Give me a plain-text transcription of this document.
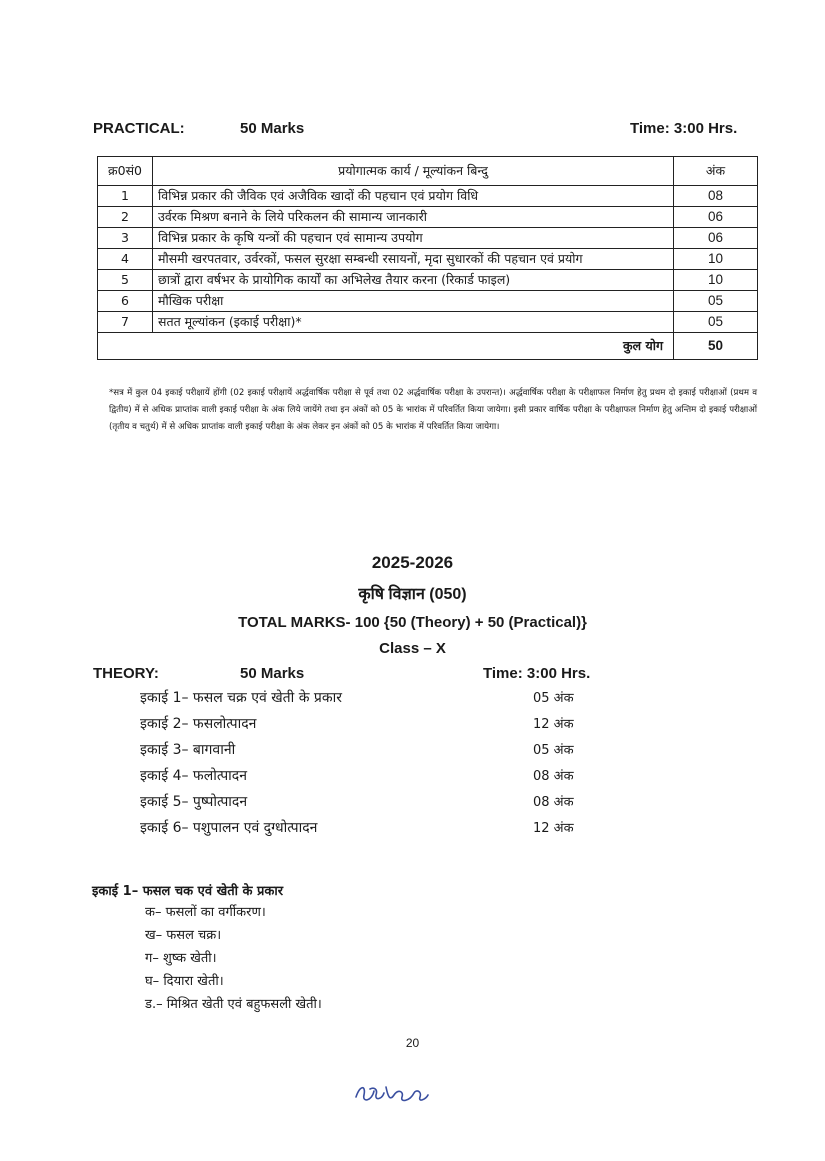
PRACTICAL:	50 Marks	Time: 3:00 Hrs.
क्र0सं0	प्रयोगात्मक कार्य / मूल्यांकन बिन्दु	अंक
1	विभिन्न प्रकार की जैविक एवं अजैविक खादों की पहचान एवं प्रयोग विधि	08
2	उर्वरक मिश्रण बनाने के लिये परिकलन की सामान्य जानकारी	06
3	विभिन्न प्रकार के कृषि यन्त्रों की पहचान एवं सामान्य उपयोग	06
4	मौसमी खरपतवार, उर्वरकों, फसल सुरक्षा सम्बन्धी रसायनों, मृदा सुधारकों की पहचान एवं प्रयोग	10
5	छात्रों द्वारा वर्षभर के प्रायोगिक कार्यों का अभिलेख तैयार करना (रिकार्ड फाइल)	10
6	मौखिक परीक्षा	05
7	सतत मूल्यांकन (इकाई परीक्षा)*	05
कुल योग		50
*सत्र में कुल 04 इकाई परीक्षायें होंगी (02 इकाई परीक्षायें अर्द्धवार्षिक परीक्षा से पूर्व तथा 02 अर्द्धवार्षिक परीक्षा के उपरान्त)। अर्द्धवार्षिक परीक्षा के परीक्षाफल निर्माण हेतु प्रथम दो इकाई परीक्षाओं (प्रथम व द्वितीय) में से अधिक प्राप्तांक वाली इकाई परीक्षा के अंक लिये जायेंगे तथा इन अंकों को 05 के भारांक में परिवर्तित किया जायेगा। इसी प्रकार वार्षिक परीक्षा के परीक्षाफल निर्माण हेतु अन्तिम दो इकाई परीक्षाओं (तृतीय व चतुर्थ) में से अधिक प्राप्तांक वाली इकाई परीक्षा के अंक लेकर इन अंकों को 05 के भारांक में परिवर्तित किया जायेगा।
2025-2026
कृषि विज्ञान (050)
TOTAL MARKS- 100 {50 (Theory) + 50 (Practical)}
Class – X
THEORY:	50 Marks	Time: 3:00 Hrs.
इकाई 1– फसल चक्र एवं खेती के प्रकार	05 अंक
इकाई 2– फसलोत्पादन	12 अंक
इकाई 3– बागवानी	05 अंक
इकाई 4– फलोत्पादन	08 अंक
इकाई 5– पुष्पोत्पादन	08 अंक
इकाई 6– पशुपालन एवं दुग्धोत्पादन	12 अंक
इकाई 1– फसल चक एवं खेती के प्रकार
क– फसलों का वर्गीकरण।
ख– फसल चक्र।
ग– शुष्क खेती।
घ– दियारा खेती।
ड.– मिश्रित खेती एवं बहुफसली खेती।
20
